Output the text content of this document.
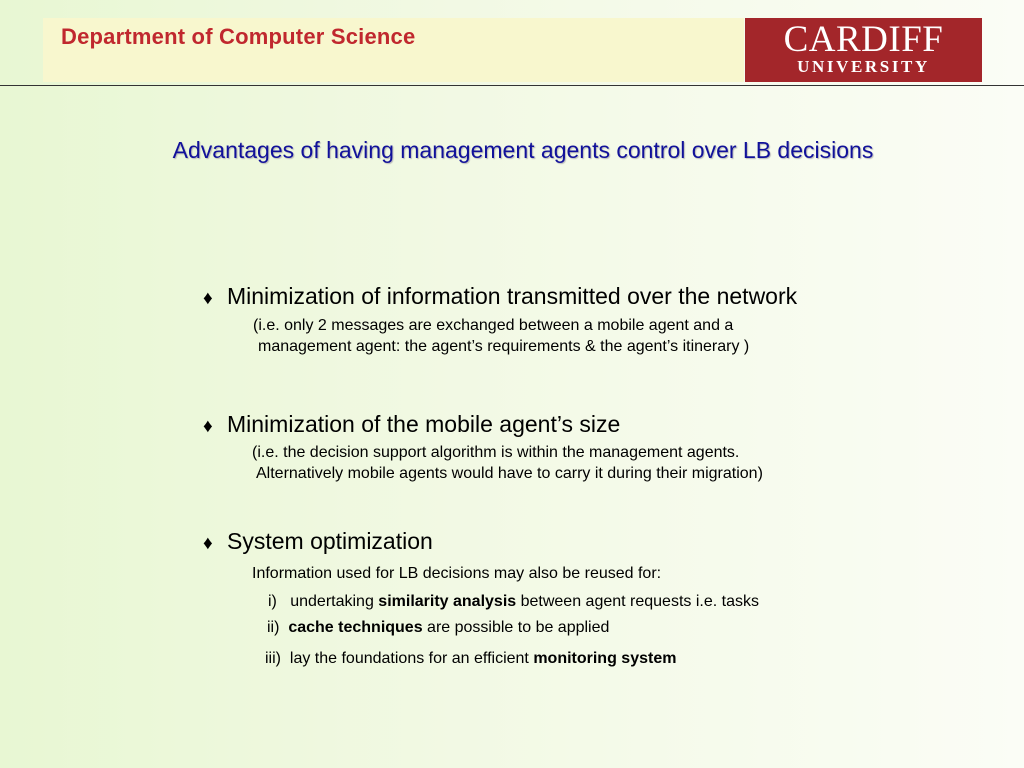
Department of Computer Science	CARDIFF
UNIVERSITY
Advantages of having management agents control over LB decisions
♦ Minimization of information transmitted over the network
(i.e. only 2 messages are exchanged between a mobile agent and a
management agent: the agent’s requirements & the agent’s itinerary )
♦ Minimization of the mobile agent’s size
(i.e. the decision support algorithm is within the management agents.
Alternatively mobile agents would have to carry it during their migration)
♦ System optimization
Information used for LB decisions may also be reused for:
i) undertaking similarity analysis between agent requests i.e. tasks
ii) cache techniques are possible to be applied
iii) lay the foundations for an efficient monitoring system
